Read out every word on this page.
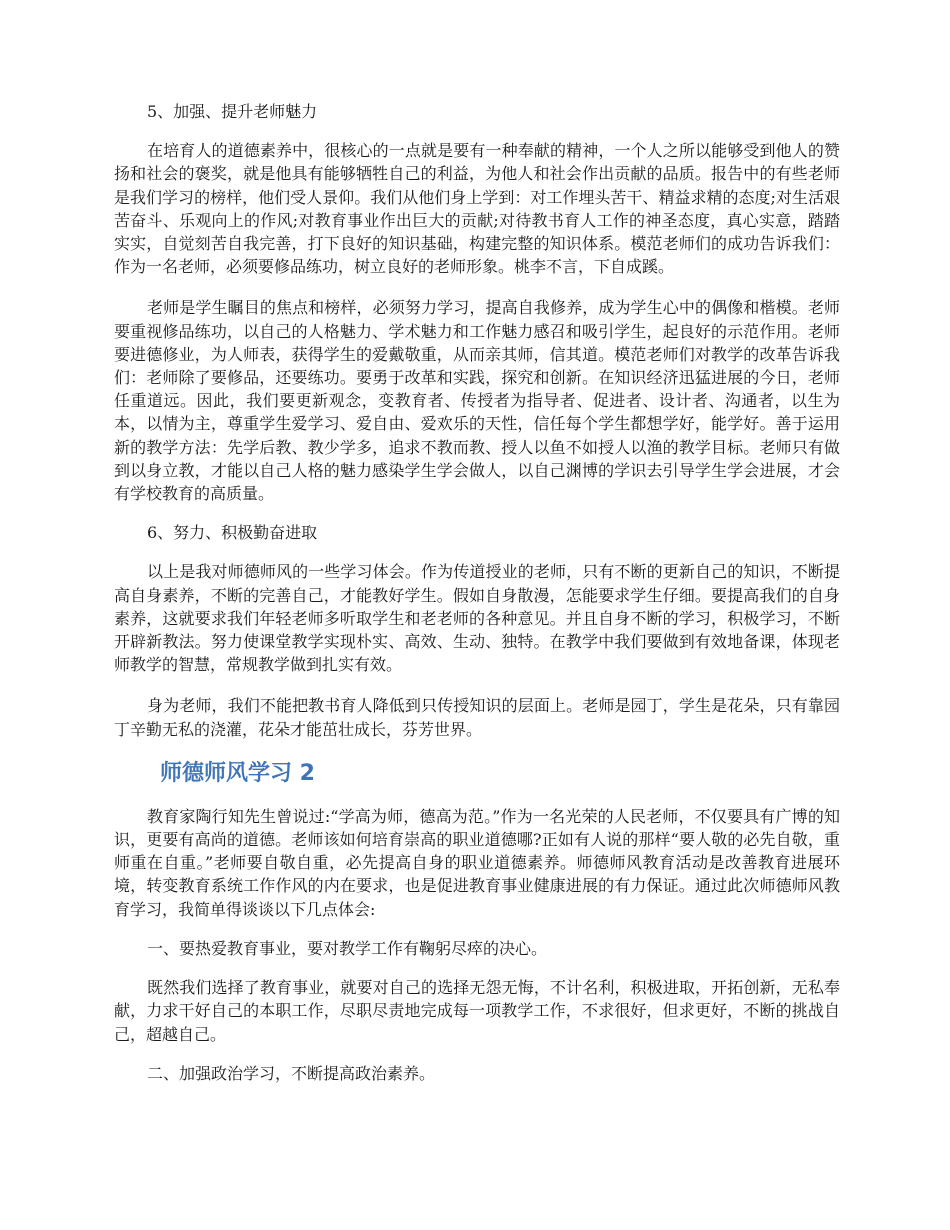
5、加强、提升老师魅力

在培育人的道德素养中，很核心的一点就是要有一种奉献的精神，一个人之所以能够受到他人的赞扬和社会的褒奖，就是他具有能够牺牲自己的利益，为他人和社会作出贡献的品质。报告中的有些老师是我们学习的榜样，他们受人景仰。我们从他们身上学到：对工作埋头苦干、精益求精的态度;对生活艰苦奋斗、乐观向上的作风;对教育事业作出巨大的贡献;对待教书育人工作的神圣态度，真心实意，踏踏实实，自觉刻苦自我完善，打下良好的知识基础，构建完整的知识体系。模范老师们的成功告诉我们：作为一名老师，必须要修品练功，树立良好的老师形象。桃李不言，下自成蹊。

老师是学生瞩目的焦点和榜样，必须努力学习，提高自我修养，成为学生心中的偶像和楷模。老师要重视修品练功，以自己的人格魅力、学术魅力和工作魅力感召和吸引学生，起良好的示范作用。老师要进德修业，为人师表，获得学生的爱戴敬重，从而亲其师，信其道。模范老师们对教学的改革告诉我们：老师除了要修品，还要练功。要勇于改革和实践，探究和创新。在知识经济迅猛进展的今日，老师任重道远。因此，我们要更新观念，变教育者、传授者为指导者、促进者、设计者、沟通者，以生为本，以情为主，尊重学生爱学习、爱自由、爱欢乐的天性，信任每个学生都想学好，能学好。善于运用新的教学方法：先学后教、教少学多，追求不教而教、授人以鱼不如授人以渔的教学目标。老师只有做到以身立教，才能以自己人格的魅力感染学生学会做人，以自己渊博的学识去引导学生学会进展，才会有学校教育的高质量。

6、努力、积极勤奋进取

以上是我对师德师风的一些学习体会。作为传道授业的老师，只有不断的更新自己的知识，不断提高自身素养，不断的完善自己，才能教好学生。假如自身散漫，怎能要求学生仔细。要提高我们的自身素养，这就要求我们年轻老师多听取学生和老老师的各种意见。并且自身不断的学习，积极学习，不断开辟新教法。努力使课堂教学实现朴实、高效、生动、独特。在教学中我们要做到有效地备课，体现老师教学的智慧，常规教学做到扎实有效。

身为老师，我们不能把教书育人降低到只传授知识的层面上。老师是园丁，学生是花朵，只有靠园丁辛勤无私的浇灌，花朵才能茁壮成长，芬芳世界。

师德师风学习 2

教育家陶行知先生曾说过:“学高为师，德高为范。”作为一名光荣的人民老师，不仅要具有广博的知识，更要有高尚的道德。老师该如何培育崇高的职业道德哪?正如有人说的那样“要人敬的必先自敬，重师重在自重。”老师要自敬自重，必先提高自身的职业道德素养。师德师风教育活动是改善教育进展环境，转变教育系统工作作风的内在要求，也是促进教育事业健康进展的有力保证。通过此次师德师风教育学习，我简单得谈谈以下几点体会:

一、要热爱教育事业，要对教学工作有鞠躬尽瘁的决心。

既然我们选择了教育事业，就要对自己的选择无怨无悔，不计名利，积极进取，开拓创新，无私奉献，力求干好自己的本职工作，尽职尽责地完成每一项教学工作，不求很好，但求更好，不断的挑战自己，超越自己。

二、加强政治学习，不断提高政治素养。
